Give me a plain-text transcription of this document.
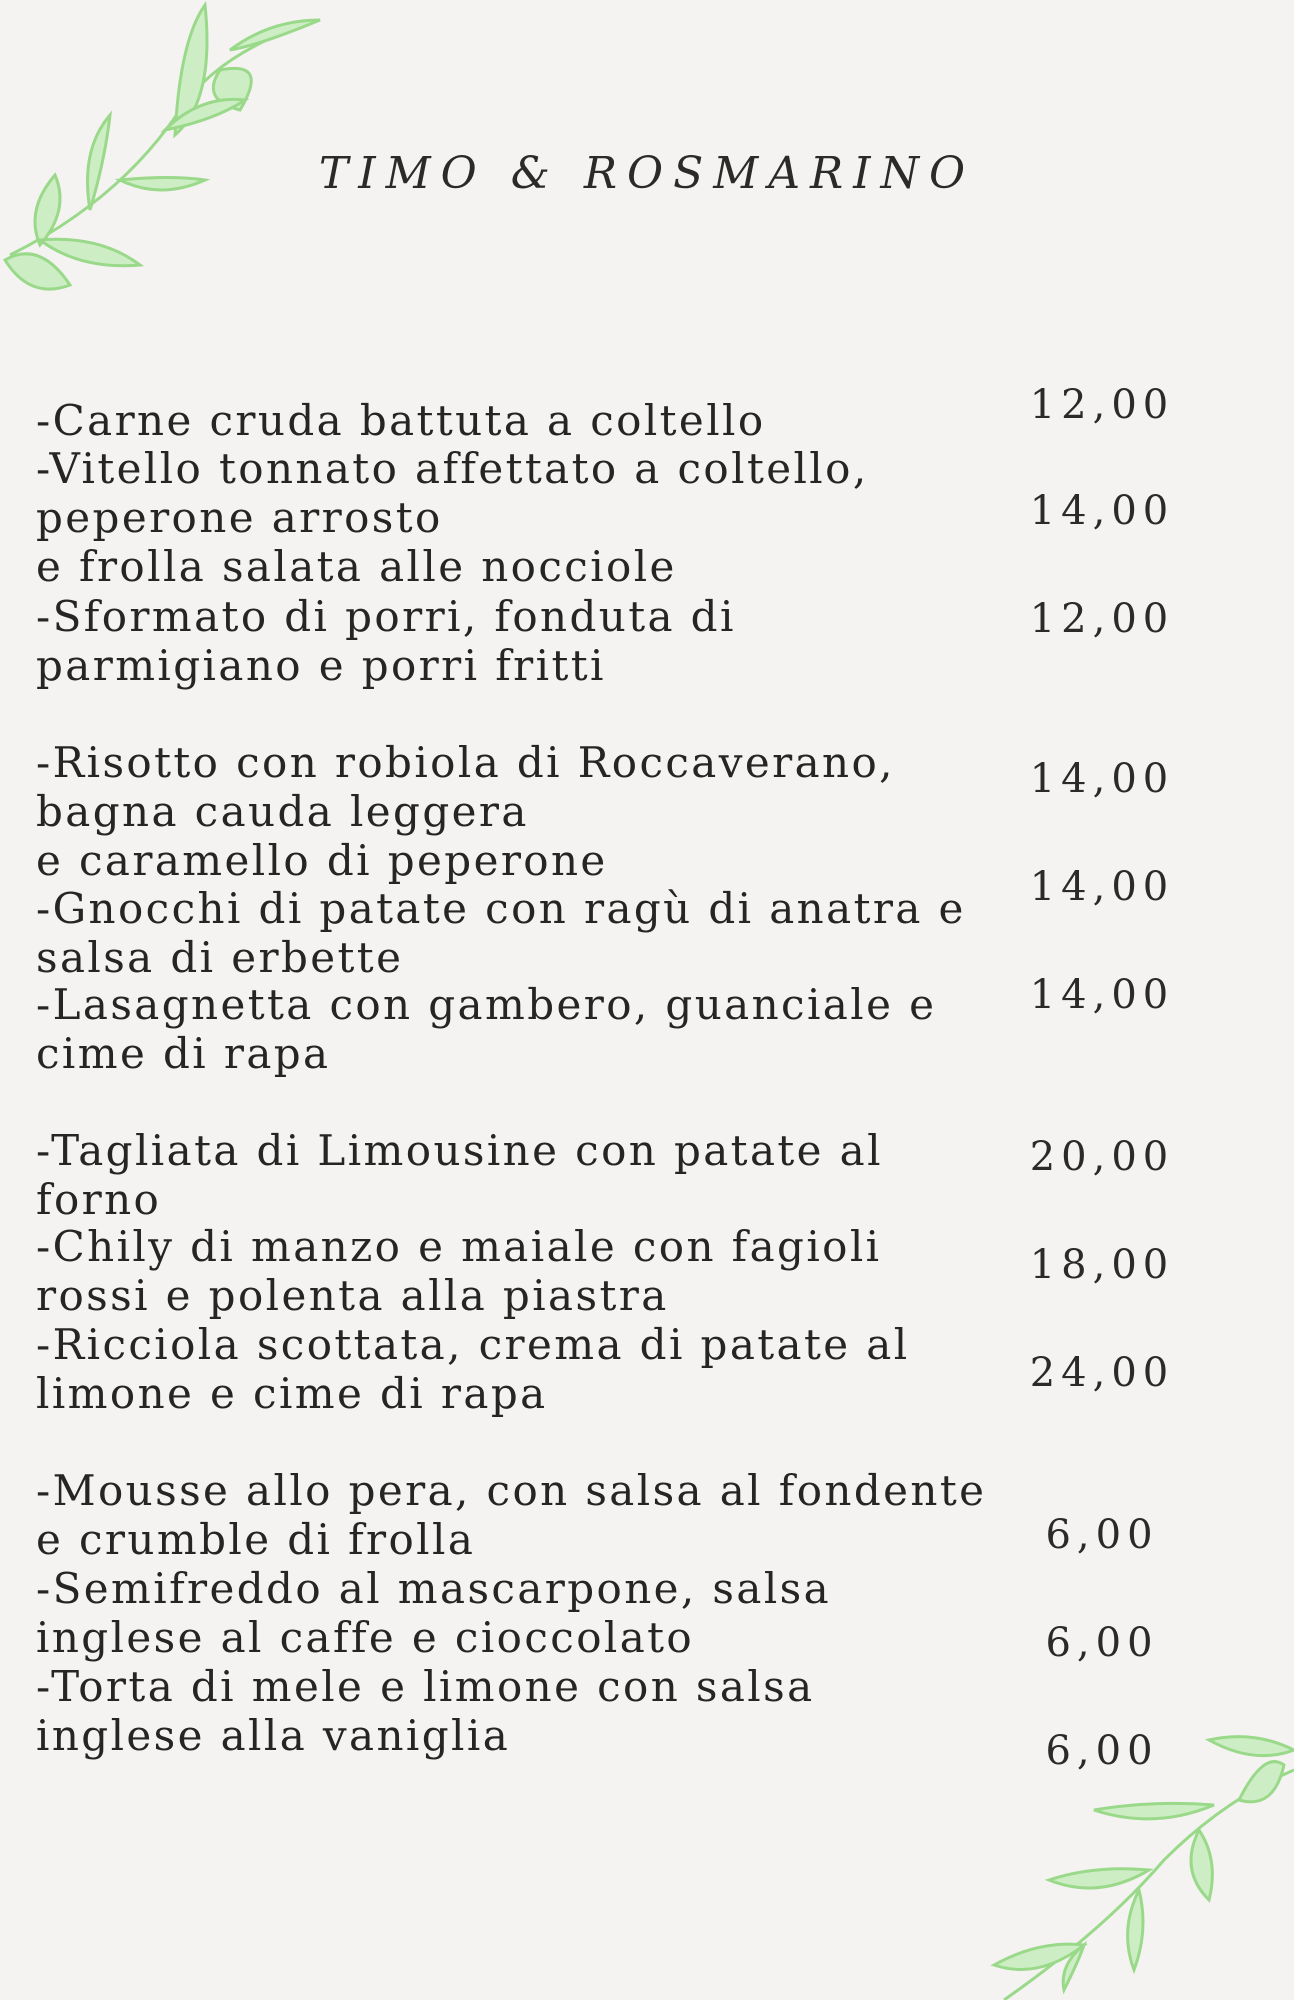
TIMO & ROSMARINO
-Carne cruda battuta a coltello	12,00
-Vitello tonnato affettato a coltello,
peperone arrosto
e frolla salata alle nocciole
14,00
-Sformato di porri, fonduta di
parmigiano e porri fritti
12,00
-Risotto con robiola di Roccaverano,
bagna cauda leggera
e caramello di peperone
14,00
-Gnocchi di patate con ragù di anatra e
salsa di erbette
14,00
-Lasagnetta con gambero, guanciale e
cime di rapa
14,00
-Tagliata di Limousine con patate al
forno
20,00
-Chily di manzo e maiale con fagioli
rossi e polenta alla piastra
18,00
-Ricciola scottata, crema di patate al
limone e cime di rapa	24,00
-Mousse allo pera, con salsa al fondente
e crumble di frolla	6,00
-Semifreddo al mascarpone, salsa
inglese al caffe e cioccolato	6,00
-Torta di mele e limone con salsa
inglese alla vaniglia	6,00
